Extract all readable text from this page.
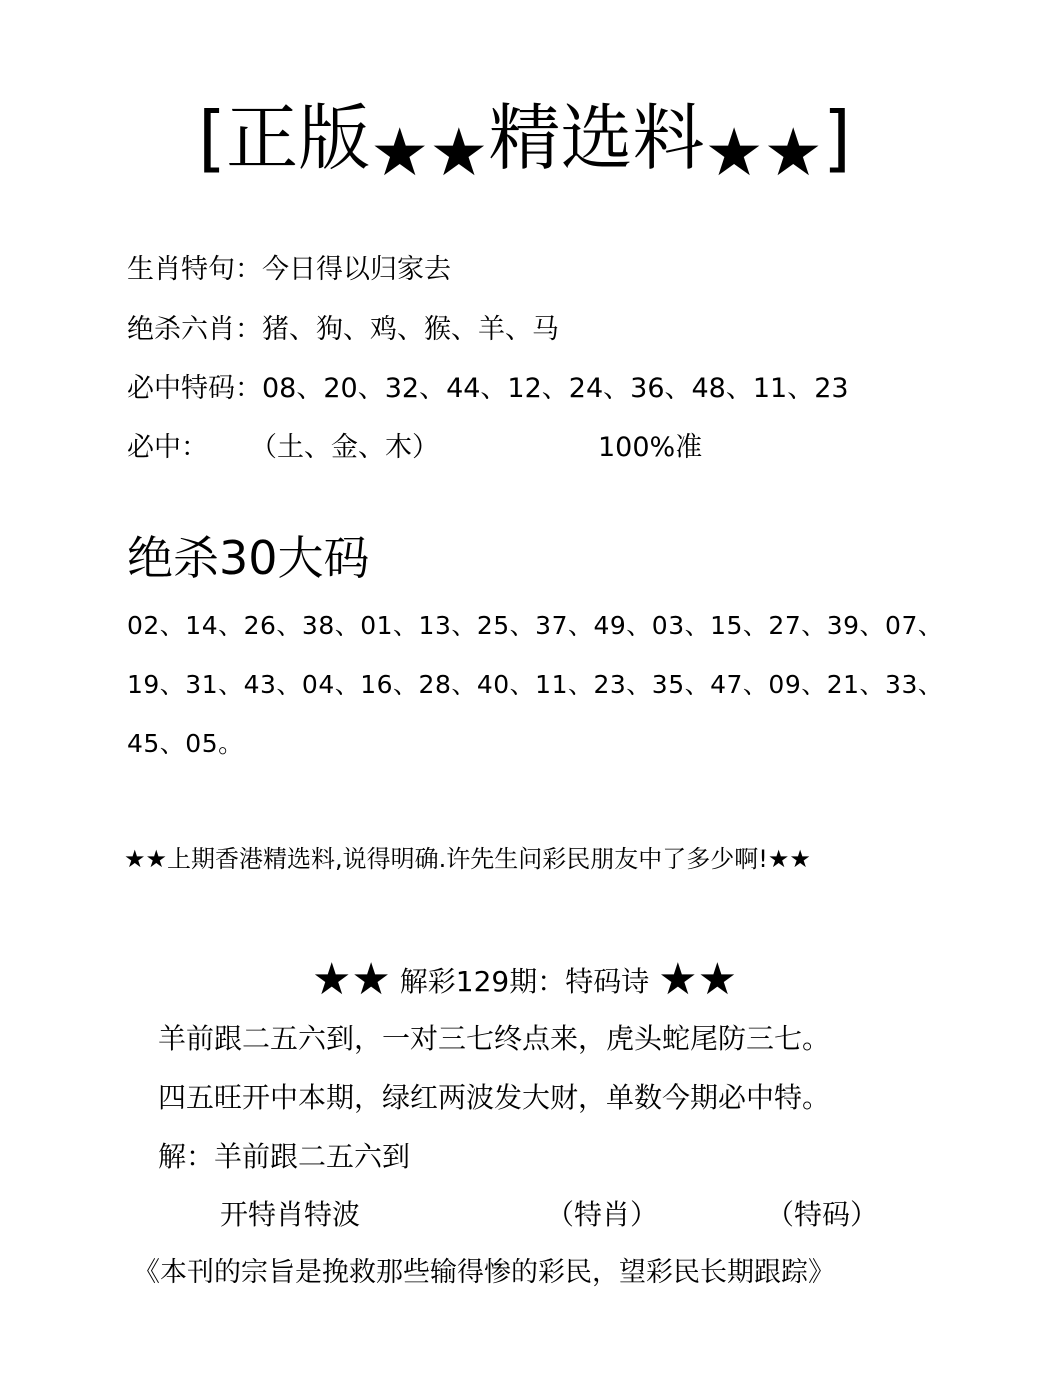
[正版★★精选料★★]
生肖特句：今日得以归家去
绝杀六肖：猪、狗、鸡、猴、羊、马
必中特码：08、20、32、44、12、24、36、48、11、23
必中： （土、金、木）	100%准
绝杀30大码
02、14、26、38、01、13、25、37、49、03、15、27、39、07、
19、31、43、04、16、28、40、11、23、35、47、09、21、33、
45、05。
★★上期香港精选料,说得明确.许先生问彩民朋友中了多少啊!★★
★★ 解彩129期：特码诗 ★★
羊前跟二五六到，一对三七终点来，虎头蛇尾防三七。
四五旺开中本期，绿红两波发大财，单数今期必中特。
解：羊前跟二五六到
开特肖特波	（特肖）	（特码）
《本刊的宗旨是挽救那些输得惨的彩民，望彩民长期跟踪》
